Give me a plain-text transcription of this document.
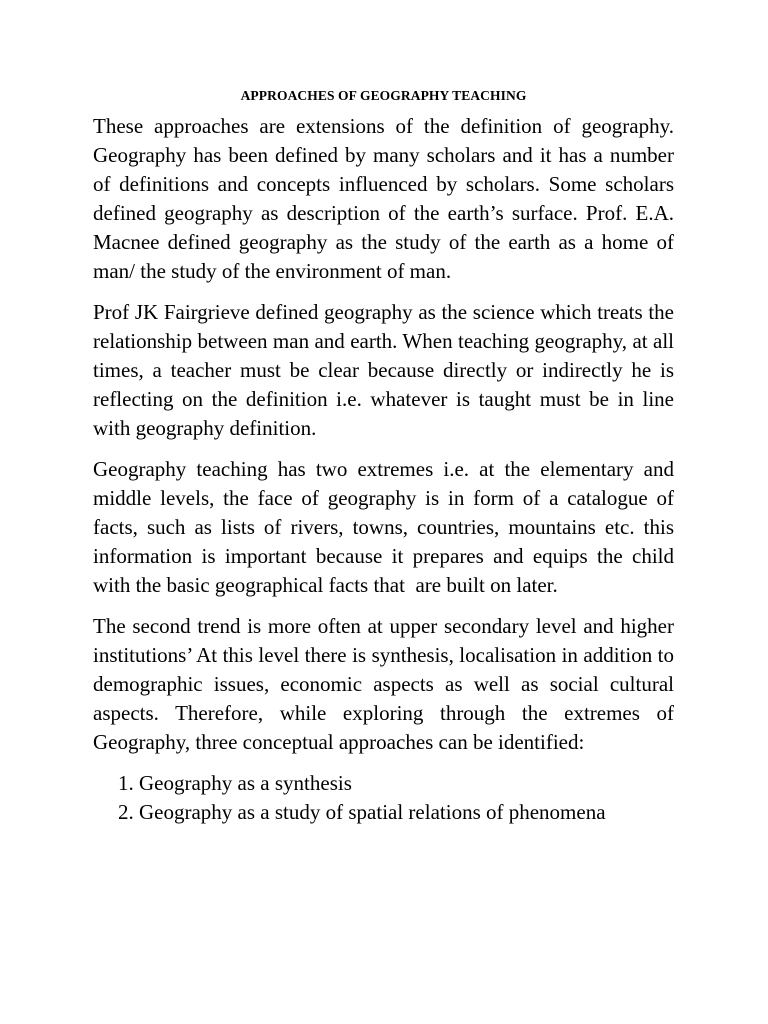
APPROACHES OF GEOGRAPHY TEACHING

These approaches are extensions of the definition of geography. Geography has been defined by many scholars and it has a number of definitions and concepts influenced by scholars. Some scholars defined geography as description of the earth’s surface. Prof. E.A. Macnee defined geography as the study of the earth as a home of man/ the study of the environment of man.

Prof JK Fairgrieve defined geography as the science which treats the relationship between man and earth. When teaching geography, at all times, a teacher must be clear because directly or indirectly he is reflecting on the definition i.e. whatever is taught must be in line with geography definition.

Geography teaching has two extremes i.e. at the elementary and middle levels, the face of geography is in form of a catalogue of facts, such as lists of rivers, towns, countries, mountains etc. this information is important because it prepares and equips the child with the basic geographical facts that  are built on later.

The second trend is more often at upper secondary level and higher institutions’ At this level there is synthesis, localisation in addition to demographic issues, economic aspects as well as social cultural aspects. Therefore, while exploring through the extremes of Geography, three conceptual approaches can be identified:

1. Geography as a synthesis
2. Geography as a study of spatial relations of phenomena
